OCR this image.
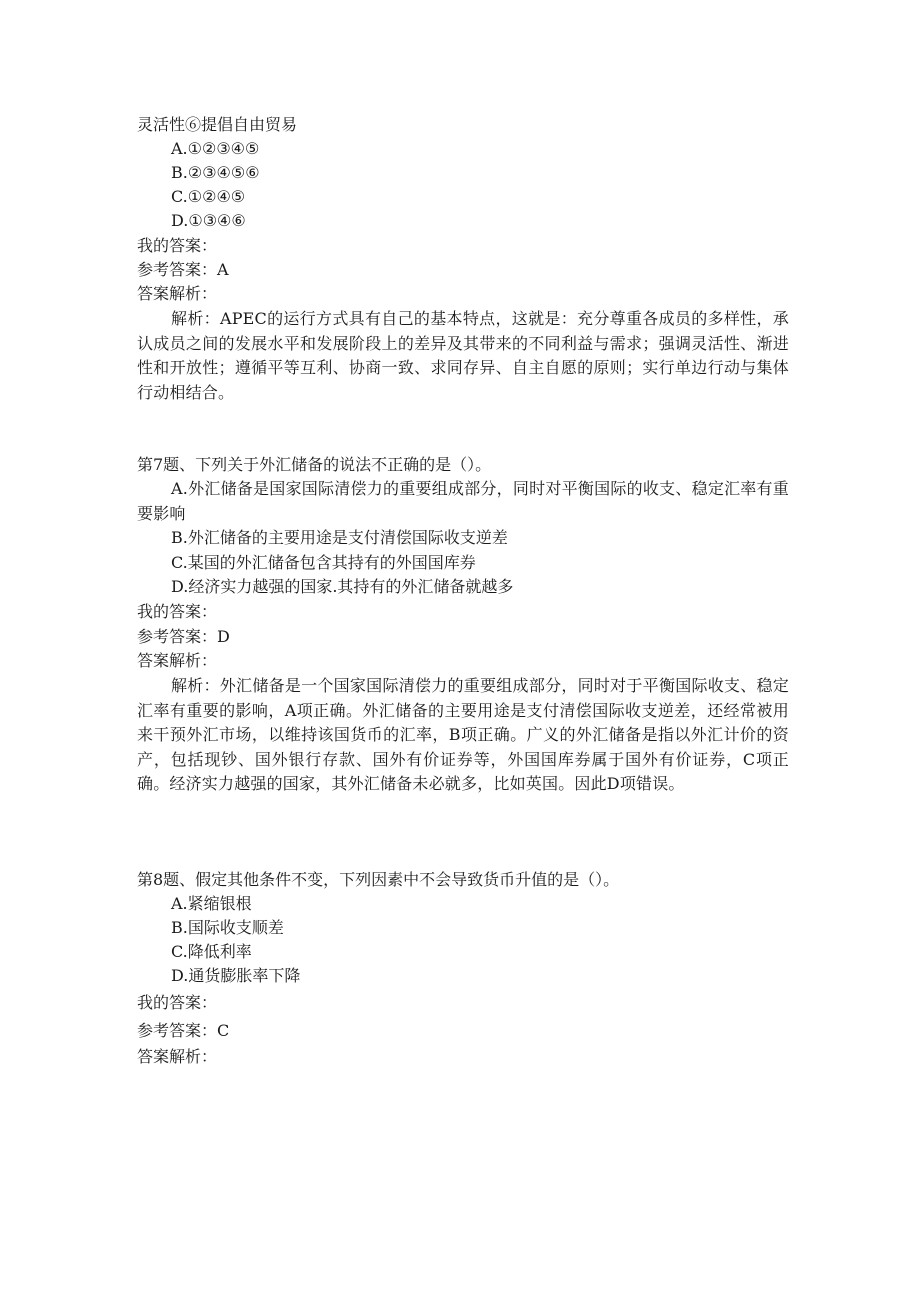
灵活性⑥提倡自由贸易
A.①②③④⑤
B.②③④⑤⑥
C.①②④⑤
D.①③④⑥
我的答案：
参考答案：A
答案解析：
解析：APEC的运行方式具有自己的基本特点，这就是：充分尊重各成员的多样性，承认成员之间的发展水平和发展阶段上的差异及其带来的不同利益与需求；强调灵活性、渐进性和开放性；遵循平等互利、协商一致、求同存异、自主自愿的原则；实行单边行动与集体行动相结合。
第7题、下列关于外汇储备的说法不正确的是（）。
A.外汇储备是国家国际清偿力的重要组成部分，同时对平衡国际的收支、稳定汇率有重要影响
B.外汇储备的主要用途是支付清偿国际收支逆差
C.某国的外汇储备包含其持有的外国国库券
D.经济实力越强的国家.其持有的外汇储备就越多
我的答案：
参考答案：D
答案解析：
解析：外汇储备是一个国家国际清偿力的重要组成部分，同时对于平衡国际收支、稳定汇率有重要的影响，A项正确。外汇储备的主要用途是支付清偿国际收支逆差，还经常被用来干预外汇市场，以维持该国货币的汇率，B项正确。广义的外汇储备是指以外汇计价的资产，包括现钞、国外银行存款、国外有价证券等，外国国库券属于国外有价证券，C项正确。经济实力越强的国家，其外汇储备未必就多，比如英国。因此D项错误。
第8题、假定其他条件不变，下列因素中不会导致货币升值的是（）。
A.紧缩银根
B.国际收支顺差
C.降低利率
D.通货膨胀率下降
我的答案：
参考答案：C
答案解析：
